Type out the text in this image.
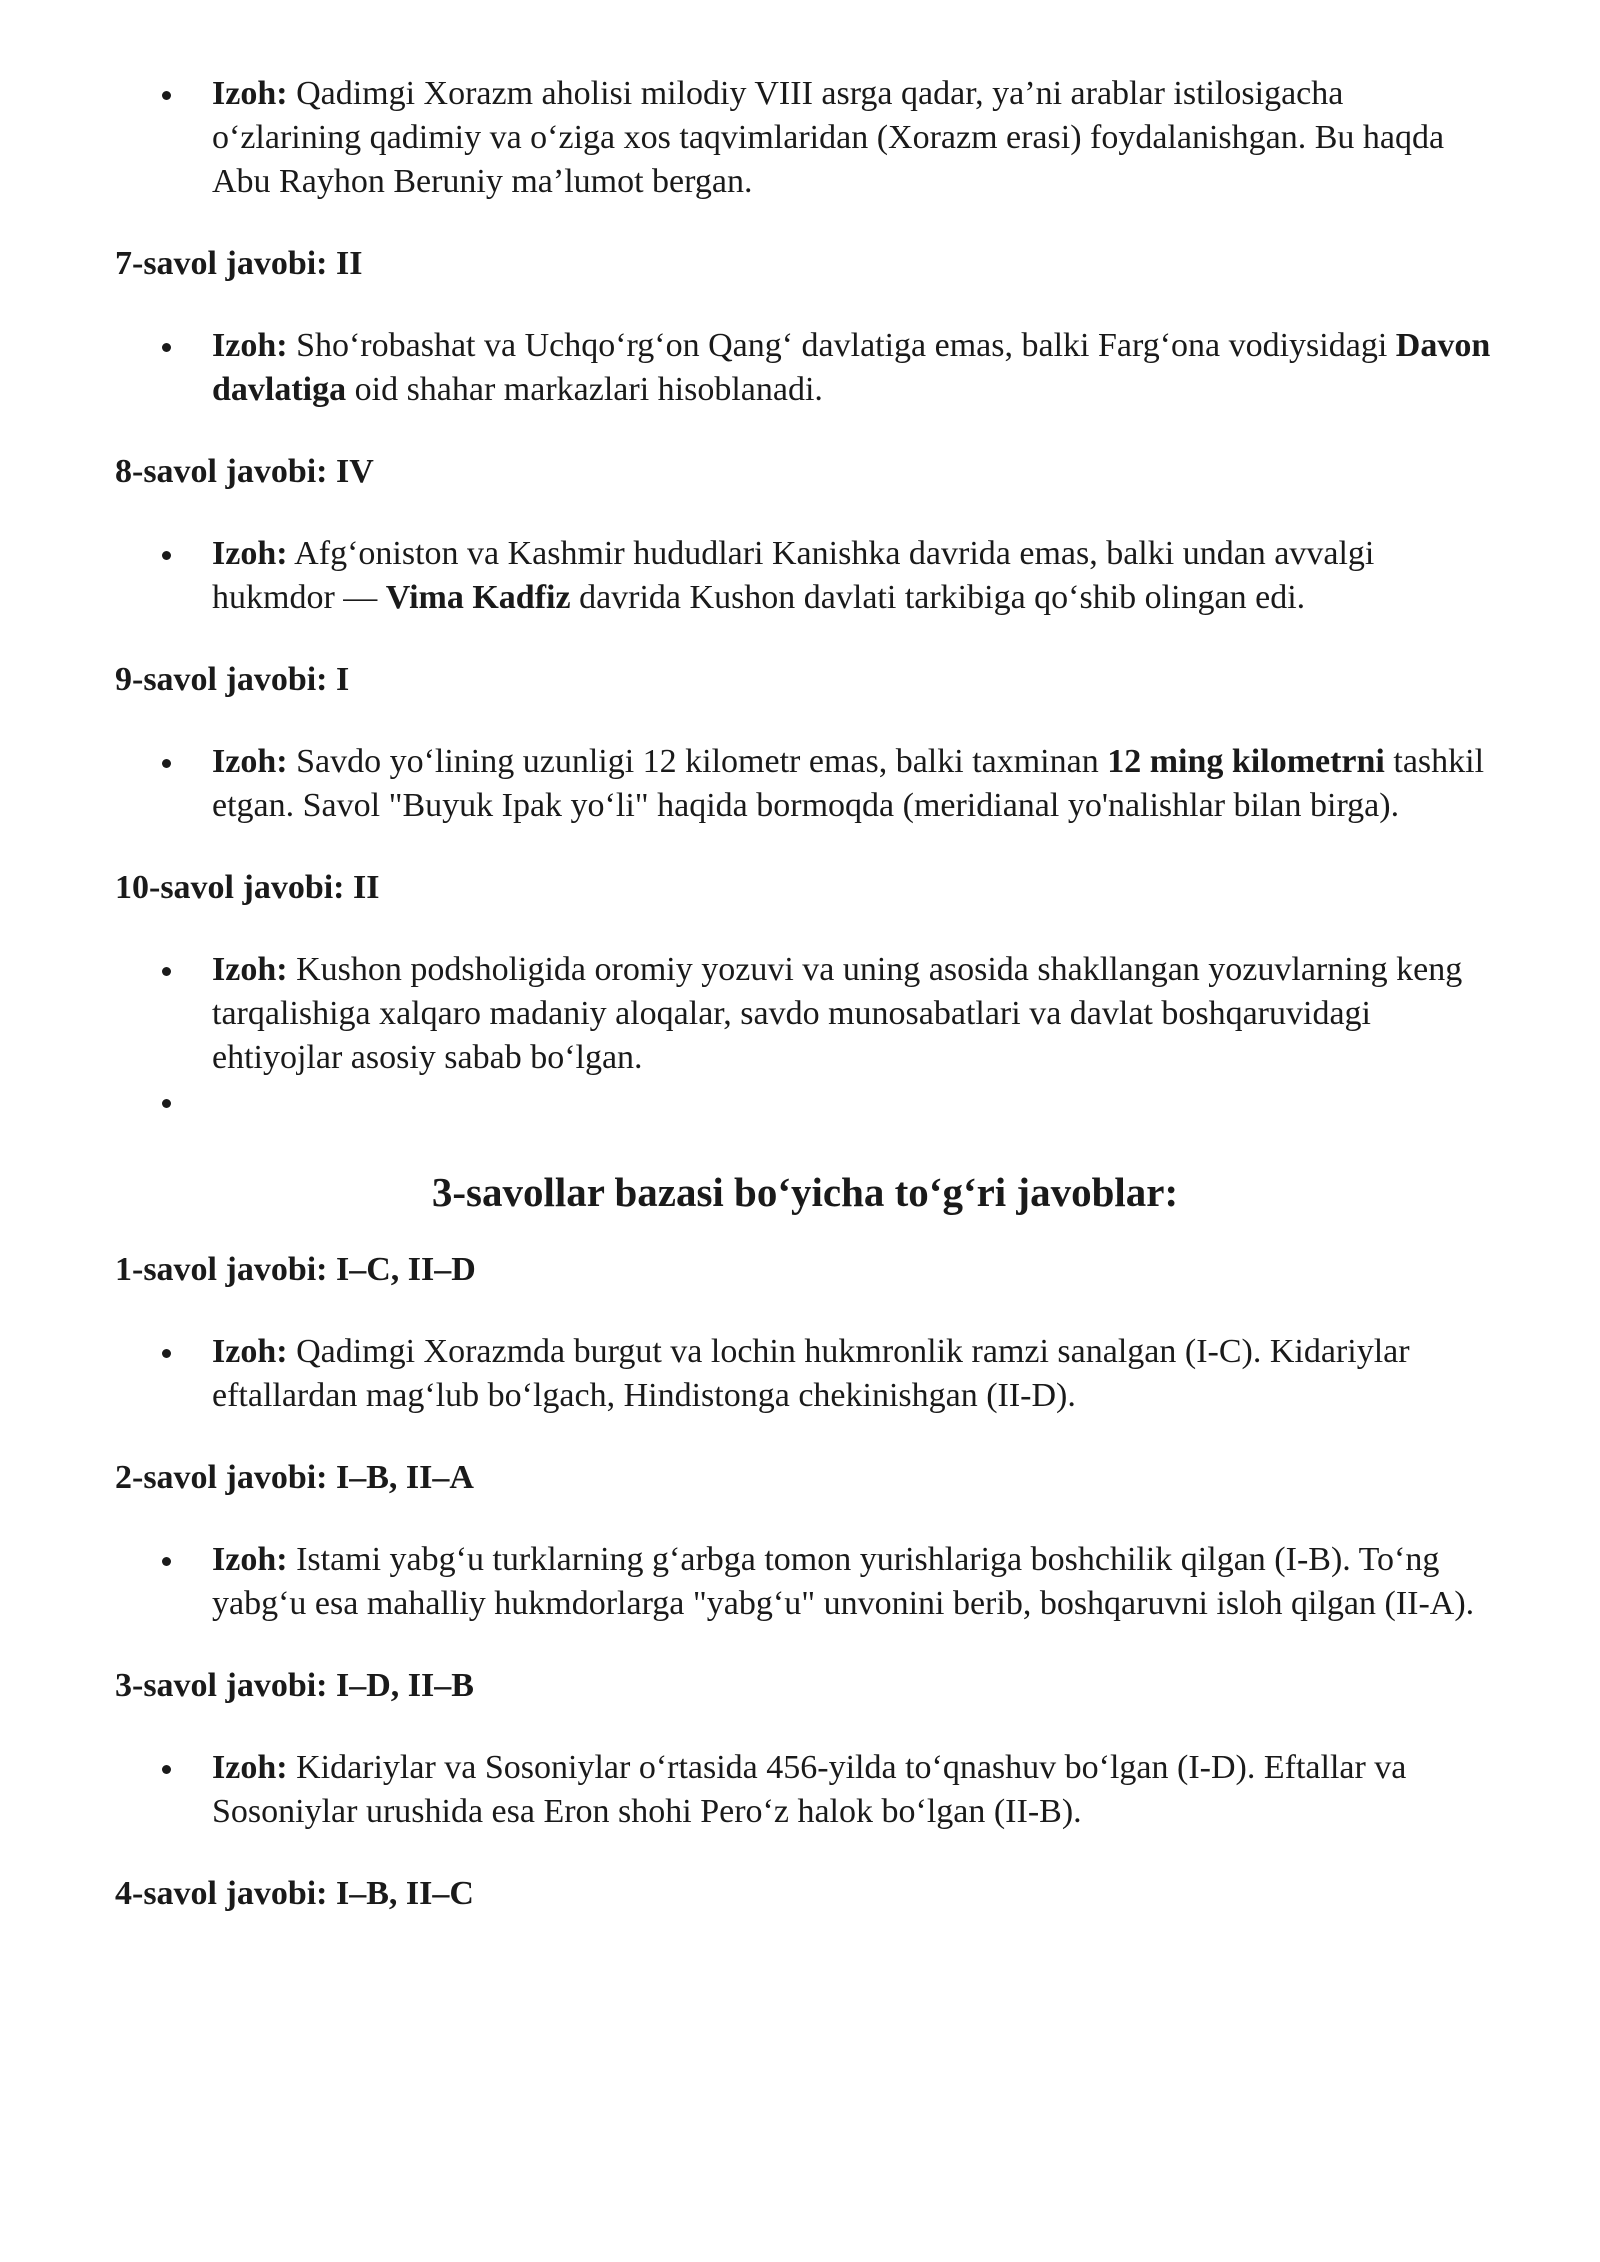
Izoh: Qadimgi Xorazm aholisi milodiy VIII asrga qadar, ya’ni arablar istilosigacha o‘zlarining qadimiy va o‘ziga xos taqvimlaridan (Xorazm erasi) foydalanishgan. Bu haqda Abu Rayhon Beruniy ma’lumot bergan.

7-savol javobi: II

Izoh: Sho‘robashat va Uchqo‘rg‘on Qang‘ davlatiga emas, balki Farg‘ona vodiysidagi Davon davlatiga oid shahar markazlari hisoblanadi.

8-savol javobi: IV

Izoh: Afg‘oniston va Kashmir hududlari Kanishka davrida emas, balki undan avvalgi hukmdor — Vima Kadfiz davrida Kushon davlati tarkibiga qo‘shib olingan edi.

9-savol javobi: I

Izoh: Savdo yo‘lining uzunligi 12 kilometr emas, balki taxminan 12 ming kilometrni tashkil etgan. Savol "Buyuk Ipak yo‘li" haqida bormoqda (meridianal yo'nalishlar bilan birga).

10-savol javobi: II

Izoh: Kushon podsholigida oromiy yozuvi va uning asosida shakllangan yozuvlarning keng tarqalishiga xalqaro madaniy aloqalar, savdo munosabatlari va davlat boshqaruvidagi ehtiyojlar asosiy sabab bo‘lgan.
3-savollar bazasi bo‘yicha to‘g‘ri javoblar:

1-savol javobi: I–C, II–D

Izoh: Qadimgi Xorazmda burgut va lochin hukmronlik ramzi sanalgan (I-C). Kidariylar eftallardan mag‘lub bo‘lgach, Hindistonga chekinishgan (II-D).

2-savol javobi: I–B, II–A

Izoh: Istami yabg‘u turklarning g‘arbga tomon yurishlariga boshchilik qilgan (I-B). To‘ng yabg‘u esa mahalliy hukmdorlarga "yabg‘u" unvonini berib, boshqaruvni isloh qilgan (II-A).

3-savol javobi: I–D, II–B

Izoh: Kidariylar va Sosoniylar o‘rtasida 456-yilda to‘qnashuv bo‘lgan (I-D). Eftallar va Sosoniylar urushida esa Eron shohi Pero‘z halok bo‘lgan (II-B).

4-savol javobi: I–B, II–C
